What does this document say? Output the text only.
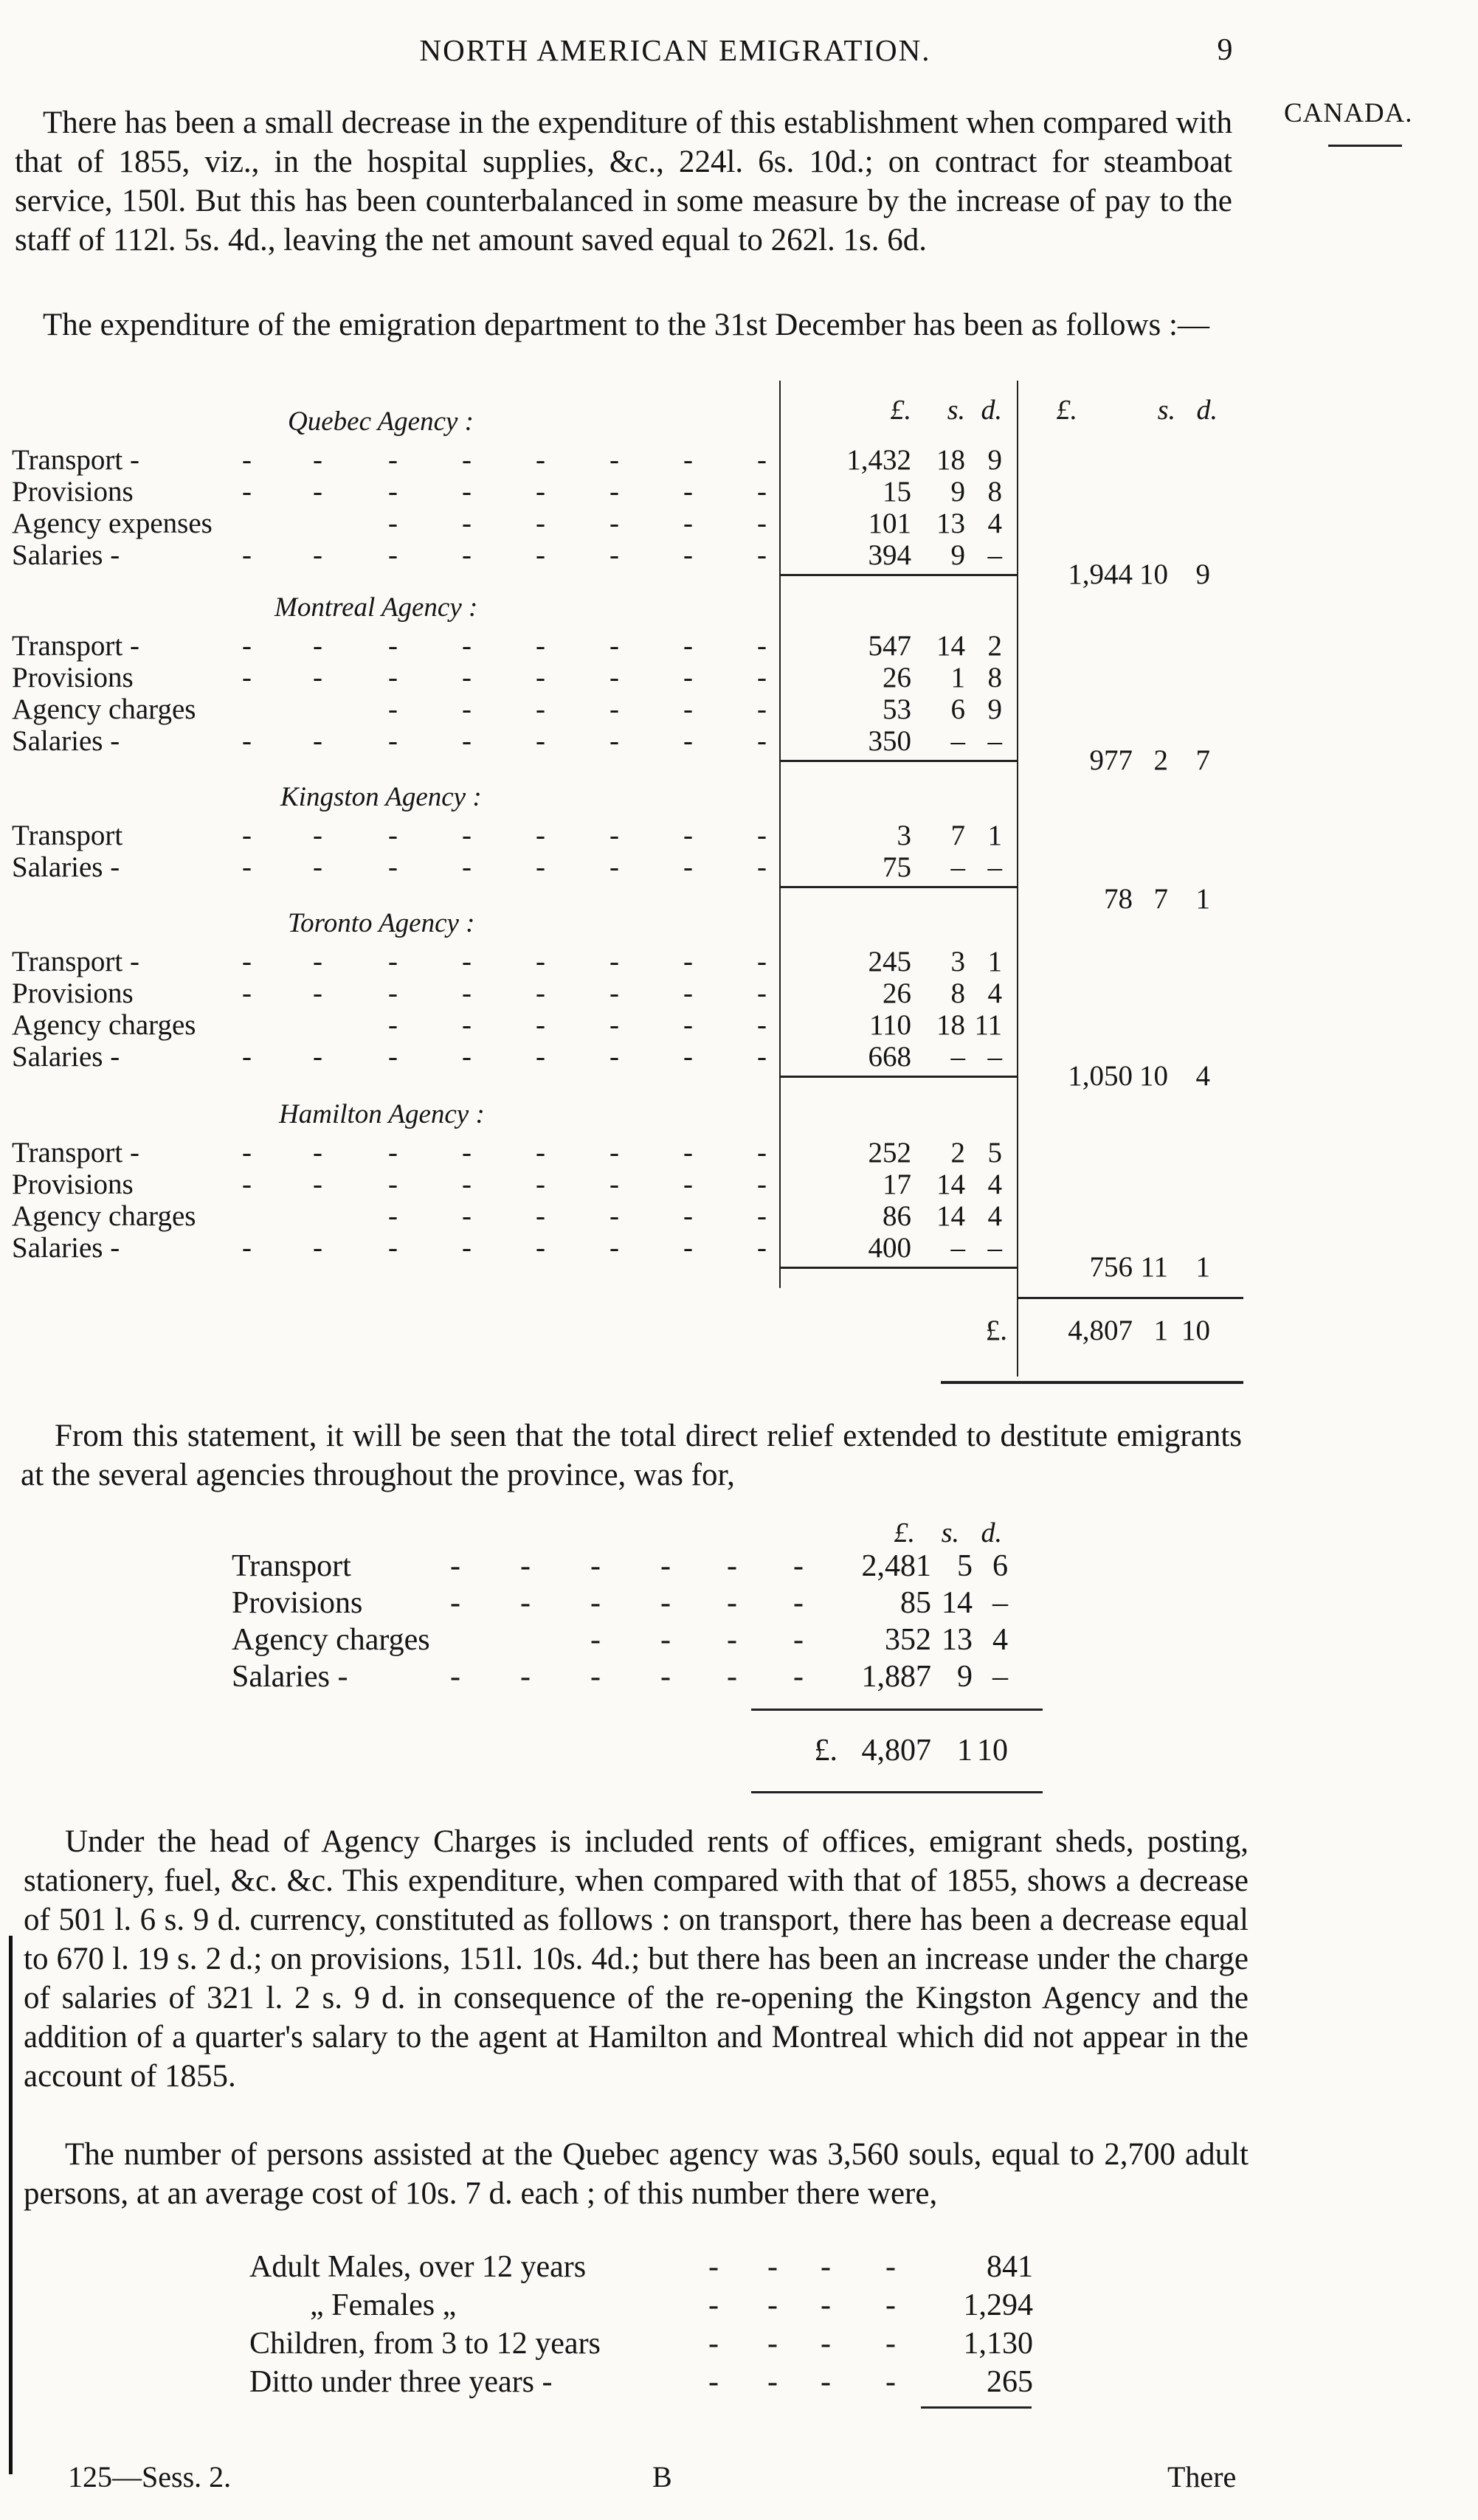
NORTH AMERICAN EMIGRATION.	9
CANADA.

There has been a small decrease in the expenditure of this establishment when compared with that of 1855, viz., in the hospital supplies, &c., 224l. 6s. 10d.; on contract for steamboat service, 150l. But this has been counterbalanced in some measure by the increase of pay to the staff of 112l. 5s. 4d., leaving the net amount saved equal to 262l. 1s. 6d.

The expenditure of the emigration department to the 31st December has been as follows :—

£. s. d.	£.	s. d.
Quebec Agency :
Transport -	- - - - - - - -	1,432 18 9
Provisions	- - - - - - - -	15	9 8
Agency expenses	- - - - - -	101 13 4
Salaries -	- - - - - - - -	394	9 –
1,944 10 9
Montreal Agency :
Transport -	- - - - - - - -	547 14 2
Provisions	- - - - - - - -	26	1 8
Agency charges	- - - - - -	53	6 9
Salaries -	- - - - - - - -	350	– –
977 2 7
Kingston Agency :
Transport	- - - - - - - -	3	7 1
Salaries -	- - - - - - - -	75	– –
78 7 1
Toronto Agency :
Transport -	- - - - - - - -	245	3 1
Provisions	- - - - - - - -	26	8 4
Agency charges	- - - - - -	110 18 11
Salaries -	- - - - - - - -	668	– –
1,050 10 4
Hamilton Agency :
Transport -	- - - - - - - -	252	2 5
Provisions	- - - - - - - -	17 14 4
Agency charges	- - - - - -	86 14 4
Salaries -	- - - - - - - -	400	– –
756 11 1
£.	4,807 1 10

From this statement, it will be seen that the total direct relief extended to destitute emigrants at the several agencies throughout the province, was for,

£. s. d.
Transport	- - - - - -	2,481 5 6
Provisions	- - - - - -	85 14 –
Agency charges	- - - -	352 13 4
Salaries -	- - - - - -	1,887 9 –
£. 4,807 1 10

Under the head of Agency Charges is included rents of offices, emigrant sheds, posting, stationery, fuel, &c. &c. This expenditure, when compared with that of 1855, shows a decrease of 501 l. 6 s. 9 d. currency, constituted as follows : on transport, there has been a decrease equal to 670 l. 19 s. 2 d.; on provisions, 151l. 10s. 4d.; but there has been an increase under the charge of salaries of 321 l. 2 s. 9 d. in consequence of the re-opening the Kingston Agency and the addition of a quarter's salary to the agent at Hamilton and Montreal which did not appear in the account of 1855.

The number of persons assisted at the Quebec agency was 3,560 souls, equal to 2,700 adult persons, at an average cost of 10s. 7 d. each ; of this number there were,

Adult Males, over 12 years	- - - -	841
„ Females „	- - - -	1,294
Children, from 3 to 12 years	- - - -	1,130
Ditto under three years -	- - - -	265
125—Sess. 2.	B	There
